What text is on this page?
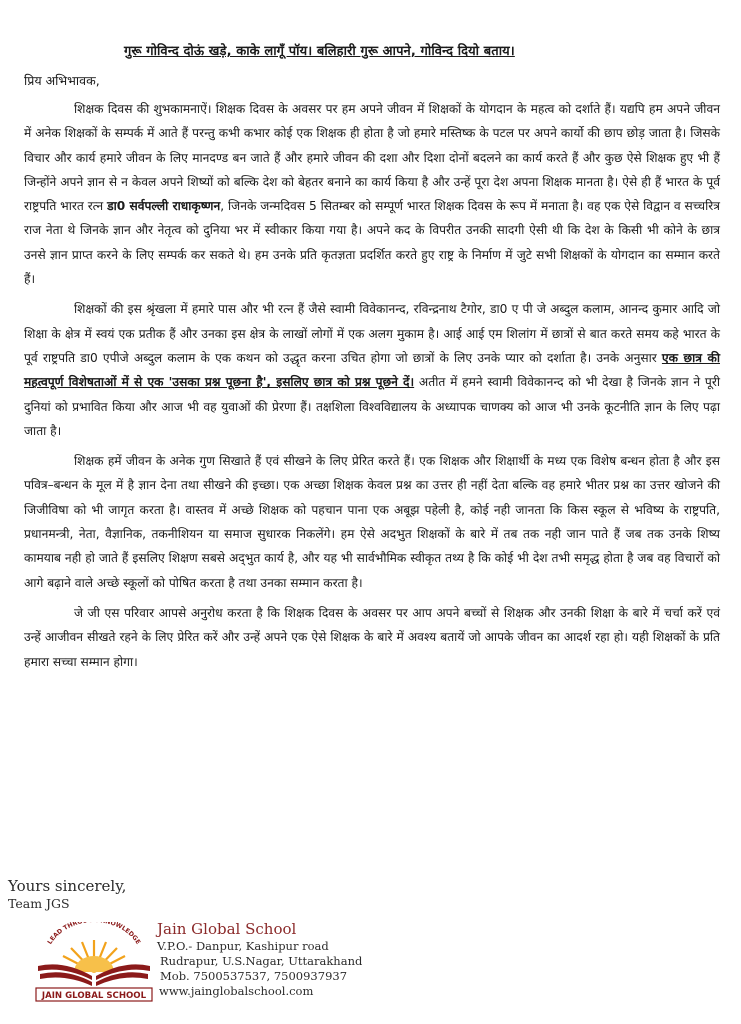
गुरू गोविन्द दोऊं खड़े, काके लागूँ पॉय। बलिहारी गुरू आपने, गोविन्द दियो बताय।
प्रिय अभिभावक,

शिक्षक दिवस की शुभकामनाऐं। शिक्षक दिवस के अवसर पर हम अपने जीवन में शिक्षकों के योगदान के महत्व को दर्शाते हैं। यद्यपि हम अपने जीवन में अनेक शिक्षकों के सम्पर्क में आते हैं परन्तु कभी कभार कोई एक शिक्षक ही होता है जो हमारे मस्तिष्क के पटल पर अपने कार्यो की छाप छोड़ जाता है। जिसके विचार और कार्य हमारे जीवन के लिए मानदण्ड बन जाते हैं और हमारे जीवन की दशा और दिशा दोनों बदलने का कार्य करते हैं और कुछ ऐसे शिक्षक हुए भी हैं जिन्होंने अपने ज्ञान से न केवल अपने शिष्यों को बल्कि देश को बेहतर बनाने का कार्य किया है और उन्हें पूरा देश अपना शिक्षक मानता है। ऐसे ही हैं भारत के पूर्व राष्ट्रपति भारत रत्न डा0 सर्वपल्ली राधाकृष्णन, जिनके जन्मदिवस 5 सितम्बर को सम्पूर्ण भारत शिक्षक दिवस के रूप में मनाता है। वह एक ऐसे विद्वान व सच्चरित्र राज नेता थे जिनके ज्ञान और नेतृत्व को दुनिया भर में स्वीकार किया गया है। अपने कद के विपरीत उनकी सादगी ऐसी थी कि देश के किसी भी कोने के छात्र उनसे ज्ञान प्राप्त करने के लिए सम्पर्क कर सकते थे। हम उनके प्रति कृतज्ञता प्रदर्शित करते हुए राष्ट्र के निर्माण में जुटे सभी शिक्षकों के योगदान का सम्मान करते हैं।

शिक्षकों की इस श्रृंखला में हमारे पास और भी रत्न हैं जैसे स्वामी विवेकानन्द, रविन्द्रनाथ टैगोर, डा0 ए पी जे अब्दुल कलाम, आनन्द कुमार आदि जो शिक्षा के क्षेत्र में स्वयं एक प्रतीक हैं और उनका इस क्षेत्र के लाखों लोगों में एक अलग मुकाम है। आई आई एम शिलांग में छात्रों से बात करते समय कहे भारत के पूर्व राष्ट्रपति डा0 एपीजे अब्दुल कलाम के एक कथन को उद्धृत करना उचित होगा जो छात्रों के लिए उनके प्यार को दर्शाता है। उनके अनुसार एक छात्र की महत्वपूर्ण विशेषताओं में से एक 'उसका प्रश्न पूछना है', इसलिए छात्र को प्रश्न पूछने दें। अतीत में हमने स्वामी विवेकानन्द को भी देखा है जिनके ज्ञान ने पूरी दुनियां को प्रभावित किया और आज भी वह युवाओं की प्रेरणा हैं। तक्षशिला विश्वविद्यालय के अध्यापक चाणक्य को आज भी उनके कूटनीति ज्ञान के लिए पढ़ा जाता है।

शिक्षक हमें जीवन के अनेक गुण सिखाते हैं एवं सीखने के लिए प्रेरित करते हैं। एक शिक्षक और शिक्षार्थी के मध्य एक विशेष बन्धन होता है और इस पवित्र–बन्धन के मूल में है ज्ञान देना तथा सीखने की इच्छा। एक अच्छा शिक्षक केवल प्रश्न का उत्तर ही नहीं देता बल्कि वह हमारे भीतर प्रश्न का उत्तर खोजने की जिजीविषा को भी जागृत करता है। वास्तव में अच्छे शिक्षक को पहचान पाना एक अबूझ पहेली है, कोई नही जानता कि किस स्कूल से भविष्य के राष्ट्रपति, प्रधानमन्त्री, नेता, वैज्ञानिक, तकनीशियन या समाज सुधारक निकलेंगे। हम ऐसे अदभुत शिक्षकों के बारे में तब तक नही जान पाते हैं जब तक उनके शिष्य कामयाब नही हो जाते हैं इसलिए शिक्षण सबसे अद्‌भुत कार्य है, और यह भी सार्वभौमिक स्वीकृत तथ्य है कि कोई भी देश तभी समृद्ध होता है जब वह विचारों को आगे बढ़ाने वाले अच्छे स्कूलों को पोषित करता है तथा उनका सम्मान करता है।

जे जी एस परिवार आपसे अनुरोध करता है कि शिक्षक दिवस के अवसर पर आप अपने बच्चों से शिक्षक और उनकी शिक्षा के बारे में चर्चा करें एवं उन्हें आजीवन सीखते रहने के लिए प्रेरित करें और उन्हें अपने एक ऐसे शिक्षक के बारे में अवश्य बतायें जो आपके जीवन का आदर्श रहा हो। यही शिक्षकों के प्रति हमारा सच्चा सम्मान होगा।

Yours sincerely,
Team JGS
LEAD THRO NOWLEDGE
JAIN GLOBAL SCHOOL
Jain Global School
V.P.O.- Danpur, Kashipur road
Rudrapur, U.S.Nagar, Uttarakhand
Mob. 7500537537, 7500937937
www.jainglobalschool.com
